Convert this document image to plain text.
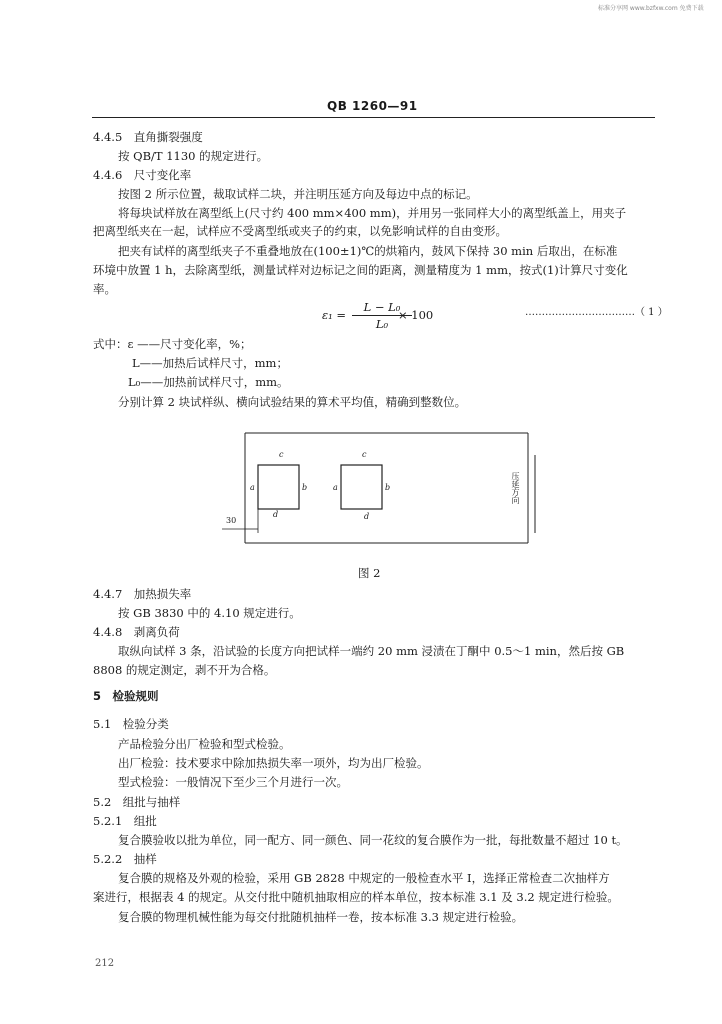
标准分享网 www.bzfxw.com 免费下载
QB 1260—91
4.4.5　直角撕裂强度
按 QB/T 1130 的规定进行。
4.4.6　尺寸变化率
按图 2 所示位置，裁取试样二块，并注明压延方向及每边中点的标记。
将每块试样放在离型纸上(尺寸约 400 mm×400 mm)，并用另一张同样大小的离型纸盖上，用夹子
把离型纸夹在一起，试样应不受离型纸或夹子的约束，以免影响试样的自由变形。
把夹有试样的离型纸夹子不重叠地放在(100±1)℃的烘箱内，鼓风下保持 30 min 后取出，在标准
环境中放置 1 h，去除离型纸，测量试样对边标记之间的距离，测量精度为 1 mm，按式(1)计算尺寸变化
率。
ε₁ =
L − L₀
L₀
× 100	……………………………（ 1 ）
式中：ε ——尺寸变化率，%；
L——加热后试样尺寸，mm；
L₀——加热前试样尺寸，mm。
分别计算 2 块试样纵、横向试验结果的算术平均值，精确到整数位。
c	c
a	a
b	b
d	d
30
压延方向
图 2
4.4.7　加热损失率
按 GB 3830 中的 4.10 规定进行。
4.4.8　剥离负荷
取纵向试样 3 条，沿试验的长度方向把试样一端约 20 mm 浸渍在丁酮中 0.5～1 min，然后按 GB
8808 的规定测定，剥不开为合格。
5　检验规则
5.1　检验分类
产品检验分出厂检验和型式检验。
出厂检验：技术要求中除加热损失率一项外，均为出厂检验。
型式检验：一般情况下至少三个月进行一次。
5.2　组批与抽样
5.2.1　组批
复合膜验收以批为单位，同一配方、同一颜色、同一花纹的复合膜作为一批，每批数量不超过 10 t。
5.2.2　抽样
复合膜的规格及外观的检验，采用 GB 2828 中规定的一般检查水平 I，选择正常检查二次抽样方
案进行，根据表 4 的规定。从交付批中随机抽取相应的样本单位，按本标准 3.1 及 3.2 规定进行检验。
复合膜的物理机械性能为每交付批随机抽样一卷，按本标准 3.3 规定进行检验。
212
